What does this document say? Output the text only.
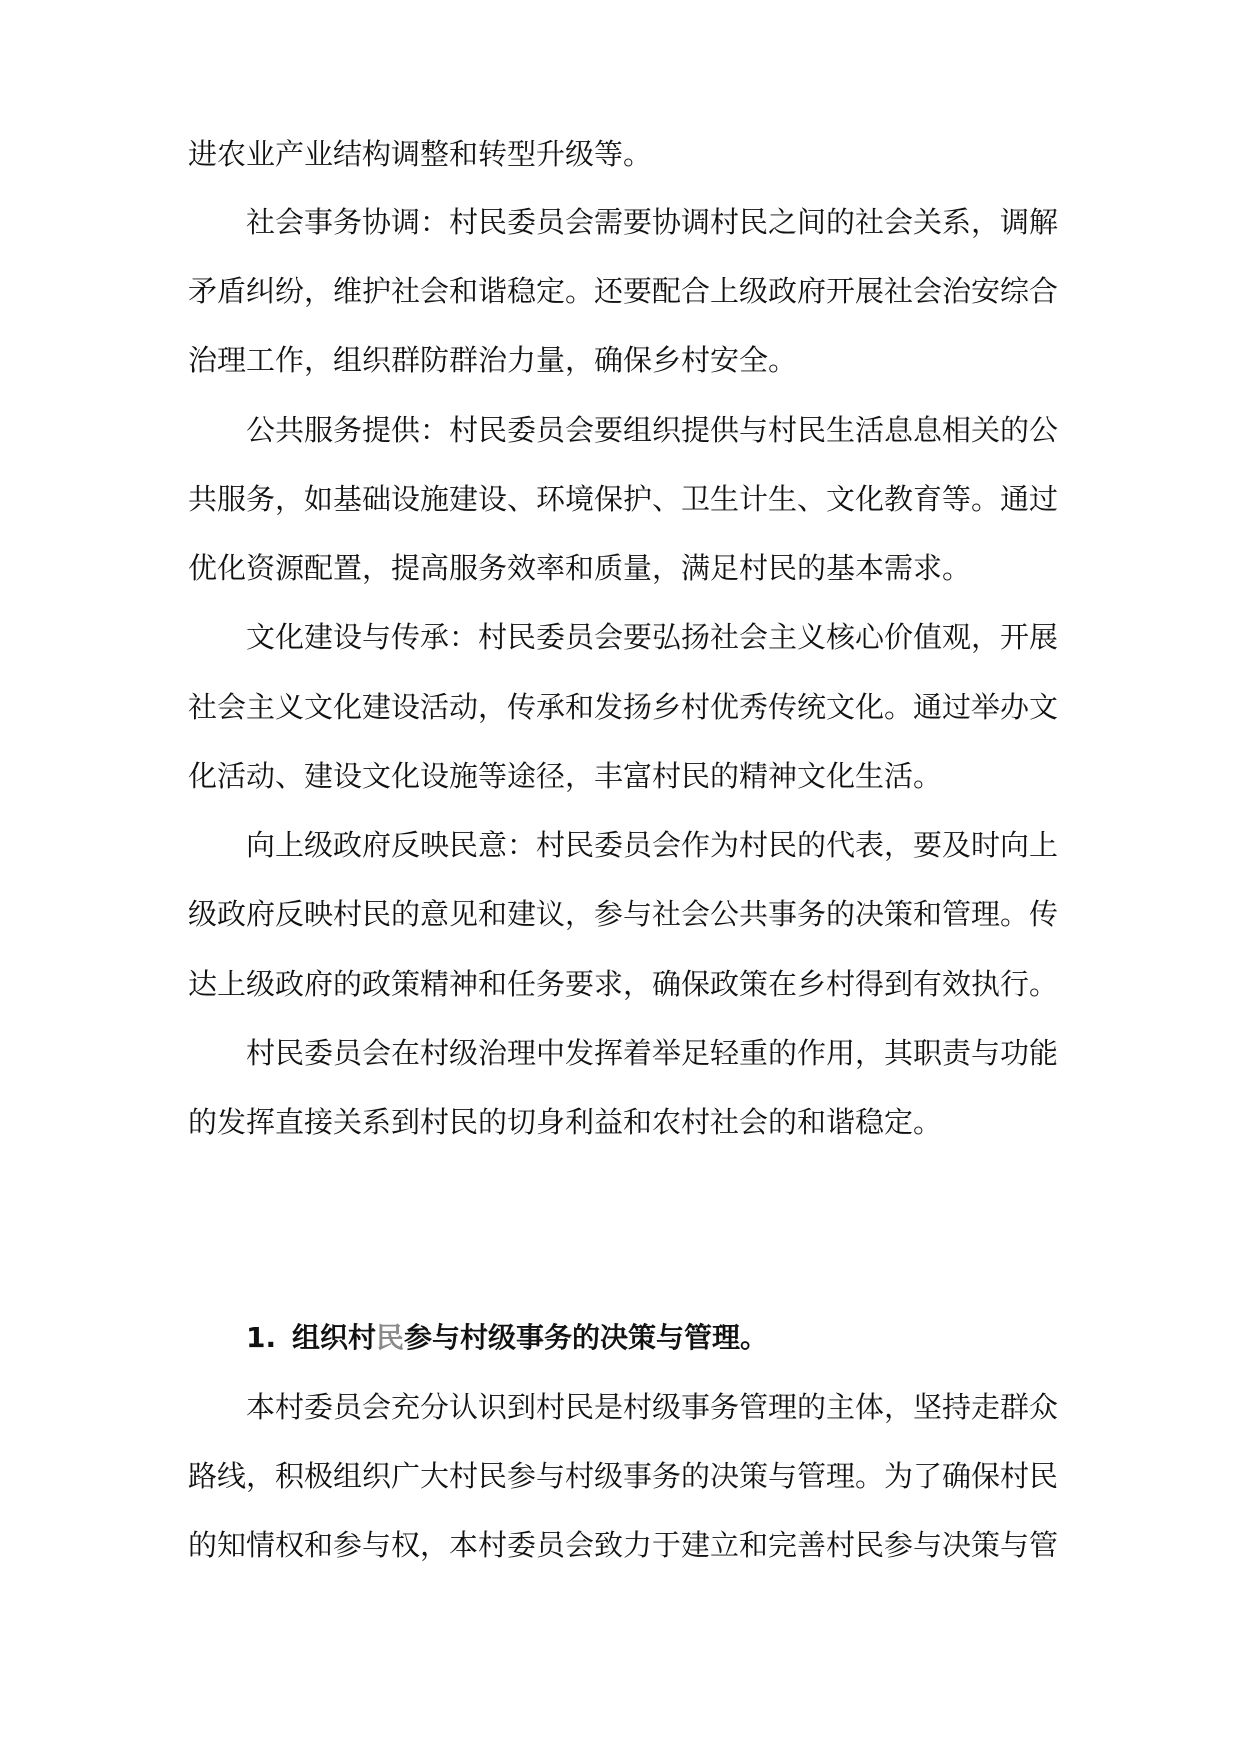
进农业产业结构调整和转型升级等。
社会事务协调：村民委员会需要协调村民之间的社会关系，调解
矛盾纠纷，维护社会和谐稳定。还要配合上级政府开展社会治安综合
治理工作，组织群防群治力量，确保乡村安全。
公共服务提供：村民委员会要组织提供与村民生活息息相关的公
共服务，如基础设施建设、环境保护、卫生计生、文化教育等。通过
优化资源配置，提高服务效率和质量，满足村民的基本需求。
文化建设与传承：村民委员会要弘扬社会主义核心价值观，开展
社会主义文化建设活动，传承和发扬乡村优秀传统文化。通过举办文
化活动、建设文化设施等途径，丰富村民的精神文化生活。
向上级政府反映民意：村民委员会作为村民的代表，要及时向上
级政府反映村民的意见和建议，参与社会公共事务的决策和管理。传
达上级政府的政策精神和任务要求，确保政策在乡村得到有效执行。
村民委员会在村级治理中发挥着举足轻重的作用，其职责与功能
的发挥直接关系到村民的切身利益和农村社会的和谐稳定。
1. 组织村民参与村级事务的决策与管理。
本村委员会充分认识到村民是村级事务管理的主体，坚持走群众
路线，积极组织广大村民参与村级事务的决策与管理。为了确保村民
的知情权和参与权，本村委员会致力于建立和完善村民参与决策与管
